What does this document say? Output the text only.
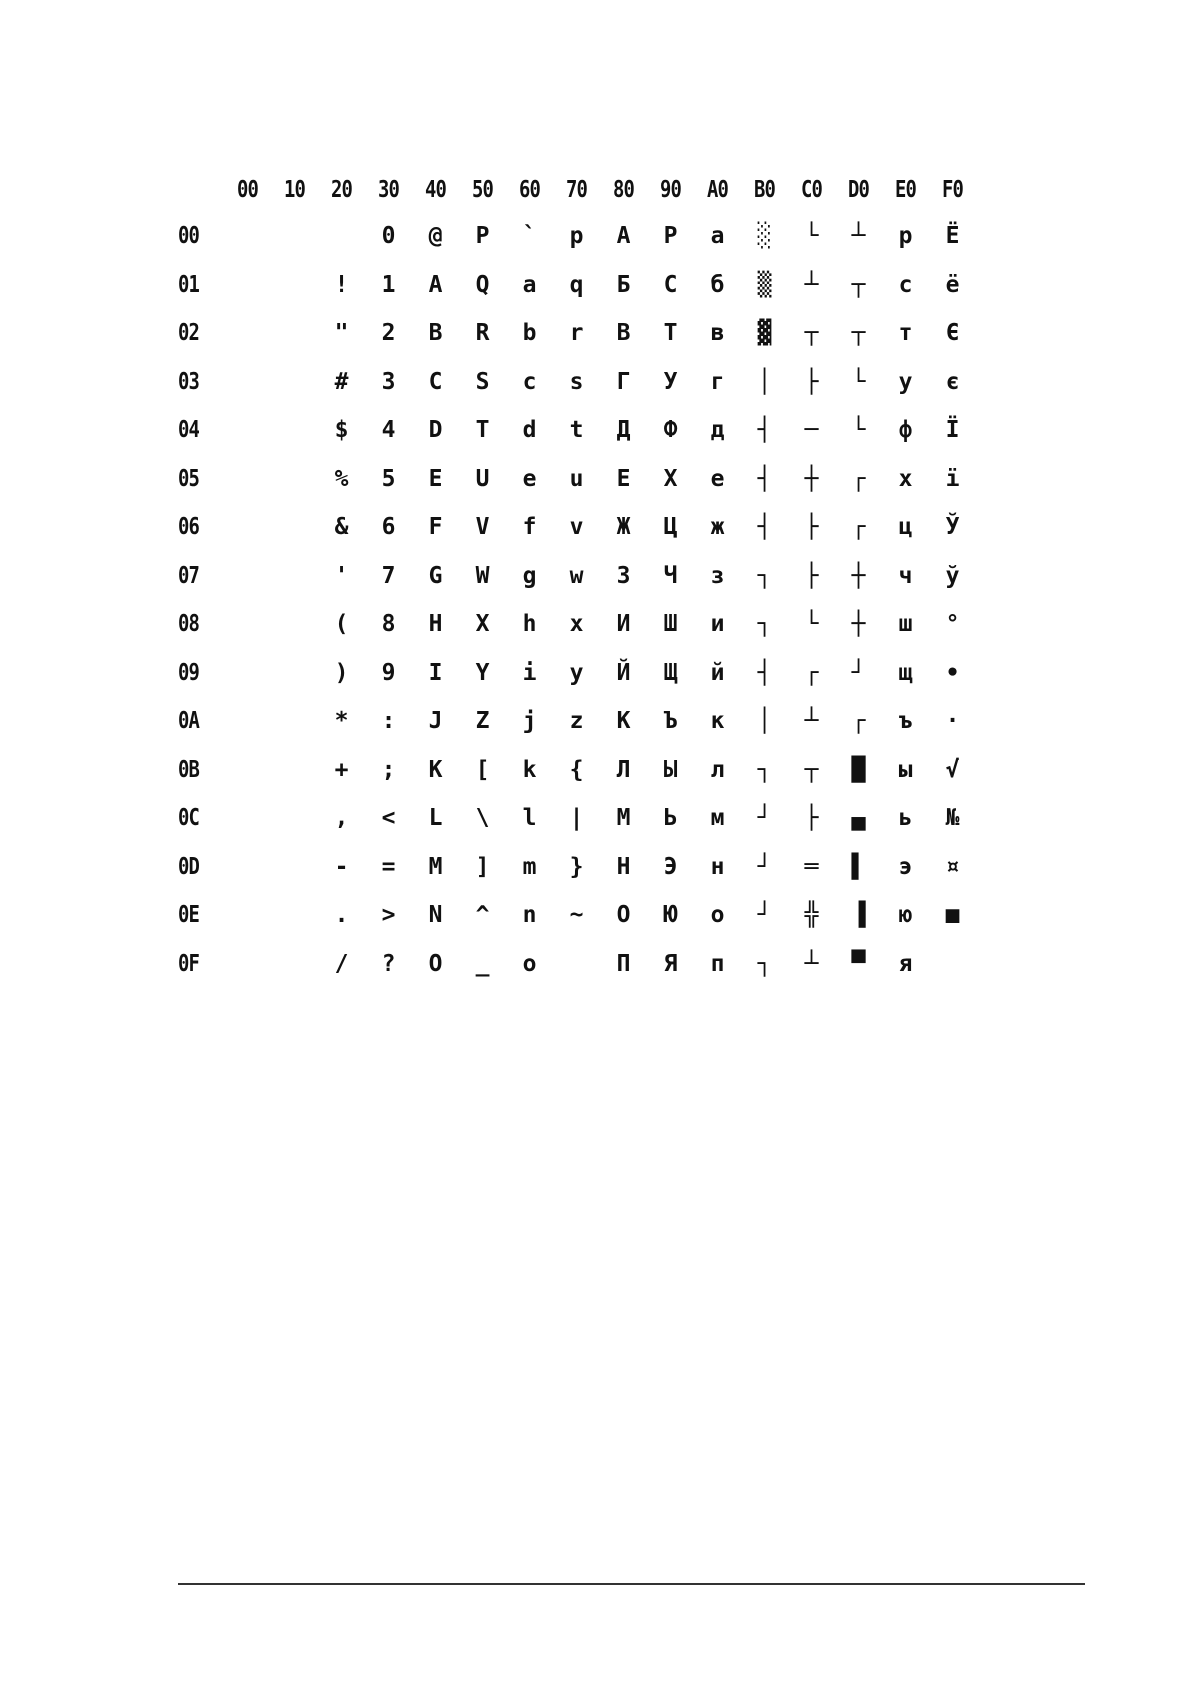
	00	10	20	30	40	50	60	70	80	90	A0	B0	C0	D0	E0	F0
00				0	@	P	`	p	А	Р	а	░	└	┴	р	Ё
01			!	1	A	Q	a	q	Б	С	б	▒	┴	┬	с	ё
02			"	2	B	R	b	r	В	Т	в	▓	┬	┬	т	Є
03			#	3	C	S	c	s	Г	У	г	│	├	└	у	є
04			$	4	D	T	d	t	Д	Ф	д	┤	─	└	ф	Ї
05			%	5	E	U	e	u	Е	Х	е	┤	┼	┌	х	ї
06			&	6	F	V	f	v	Ж	Ц	ж	┤	├	┌	ц	Ў
07			'	7	G	W	g	w	З	Ч	з	┐	├	┼	ч	ў
08			(	8	H	X	h	x	И	Ш	и	┐	└	┼	ш	°
09			)	9	I	Y	i	y	Й	Щ	й	┤	┌	┘	щ	•
0A			*	:	J	Z	j	z	К	Ъ	к	│	┴	┌	ъ	·
0B			+	;	K	[	k	{	Л	Ы	л	┐	┬	█	ы	√
0C			,	<	L	\	l	|	М	Ь	м	┘	├	▄	ь	№
0D			-	=	M	]	m	}	Н	Э	н	┘	═	▌	э	¤
0E			.	>	N	^	n	~	О	Ю	о	┘	╬	▐	ю	■
0F			/	?	O	_	o		П	Я	п	┐	┴	▀	я	
